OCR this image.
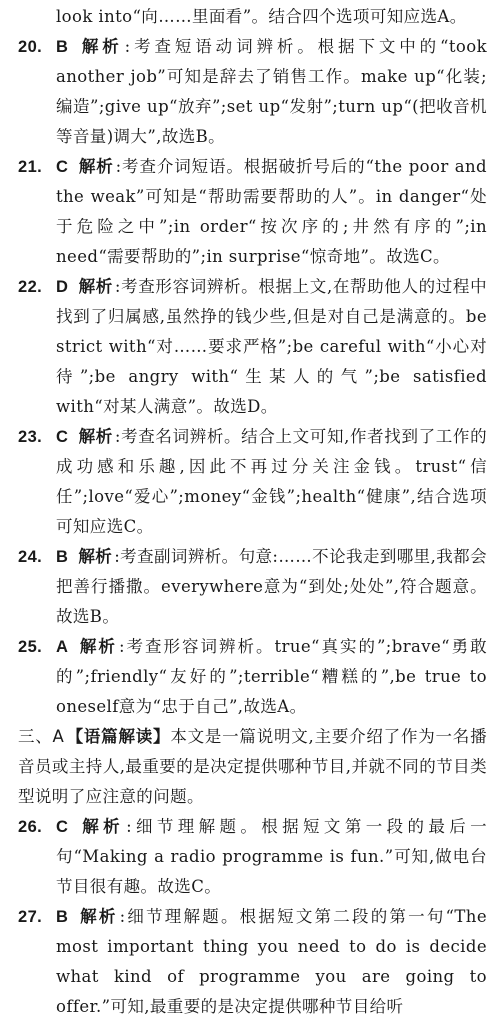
look into“向……里面看”。结合四个选项可知应选A。

20. B 解析 :考查短语动词辨析。根据下文中的“took another job”可知是辞去了销售工作。make up“化装;编造”;give up“放弃”;set up“发射”;turn up“(把收音机等音量)调大”,故选B。

21. C 解析 :考查介词短语。根据破折号后的“the poor and the weak”可知是“帮助需要帮助的人”。in danger“处于危险之中”;in order“按次序的;井然有序的”;in need“需要帮助的”;in surprise“惊奇地”。故选C。

22. D 解析 :考查形容词辨析。根据上文,在帮助他人的过程中找到了归属感,虽然挣的钱少些,但是对自己是满意的。be strict with“对……要求严格”;be careful with“小心对待”;be angry with“生某人的气”;be satisfied with“对某人满意”。故选D。

23. C 解析 :考查名词辨析。结合上文可知,作者找到了工作的成功感和乐趣,因此不再过分关注金钱。trust“信任”;love“爱心”;money“金钱”;health“健康”,结合选项可知应选C。

24. B 解析 :考查副词辨析。句意:……不论我走到哪里,我都会把善行播撒。everywhere意为“到处;处处”,符合题意。故选B。

25. A 解析 :考查形容词辨析。true“真实的”;brave“勇敢的”;friendly“友好的”;terrible“糟糕的”,be true to oneself意为“忠于自己”,故选A。

三、A 【语篇解读】本文是一篇说明文,主要介绍了作为一名播音员或主持人,最重要的是决定提供哪种节目,并就不同的节目类型说明了应注意的问题。

26. C 解析 :细节理解题。根据短文第一段的最后一句“Making a radio programme is fun.”可知,做电台节目很有趣。故选C。

27. B 解析 :细节理解题。根据短文第二段的第一句“The most important thing you need to do is decide what kind of programme you are going to offer.”可知,最重要的是决定提供哪种节目给听
